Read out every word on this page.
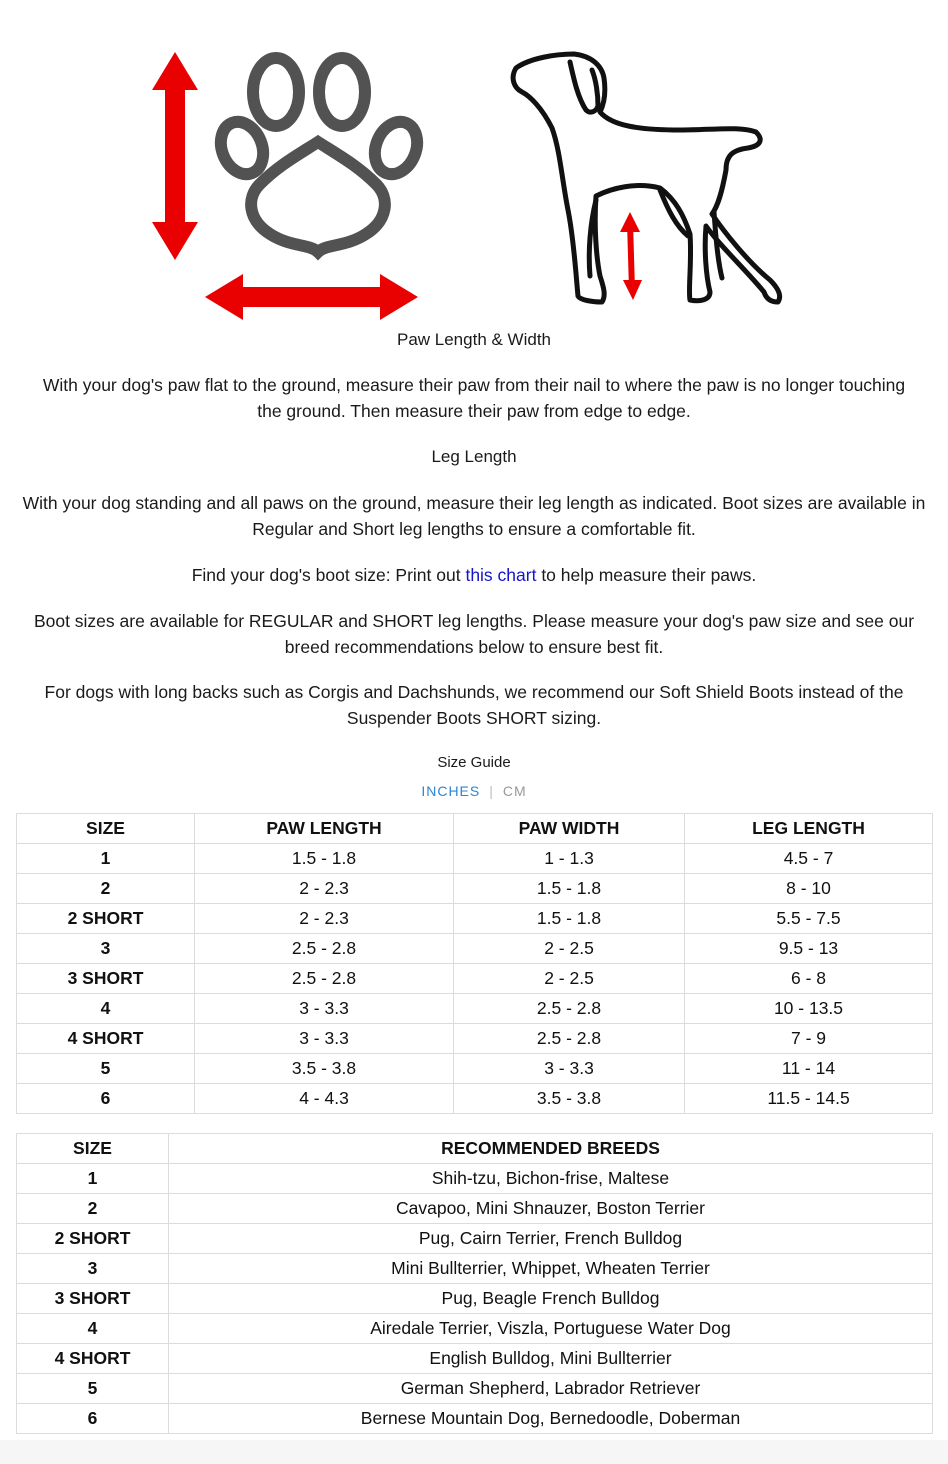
Paw Length & Width
With your dog's paw flat to the ground, measure their paw from their nail to where the paw is no longer touching the ground. Then measure their paw from edge to edge.
Leg Length
With your dog standing and all paws on the ground, measure their leg length as indicated. Boot sizes are available in Regular and Short leg lengths to ensure a comfortable fit.
Find your dog's boot size: Print out this chart to help measure their paws.
Boot sizes are available for REGULAR and SHORT leg lengths. Please measure your dog's paw size and see our breed recommendations below to ensure best fit.
For dogs with long backs such as Corgis and Dachshunds, we recommend our Soft Shield Boots instead of the Suspender Boots SHORT sizing.
Size Guide
INCHES | CM
SIZE	PAW LENGTH	PAW WIDTH	LEG LENGTH
1	1.5 - 1.8	1 - 1.3	4.5 - 7
2	2 - 2.3	1.5 - 1.8	8 - 10
2 SHORT	2 - 2.3	1.5 - 1.8	5.5 - 7.5
3	2.5 - 2.8	2 - 2.5	9.5 - 13
3 SHORT	2.5 - 2.8	2 - 2.5	6 - 8
4	3 - 3.3	2.5 - 2.8	10 - 13.5
4 SHORT	3 - 3.3	2.5 - 2.8	7 - 9
5	3.5 - 3.8	3 - 3.3	11 - 14
6	4 - 4.3	3.5 - 3.8	11.5 - 14.5
SIZE	RECOMMENDED BREEDS
1	Shih-tzu, Bichon-frise, Maltese
2	Cavapoo, Mini Shnauzer, Boston Terrier
2 SHORT	Pug, Cairn Terrier, French Bulldog
3	Mini Bullterrier, Whippet, Wheaten Terrier
3 SHORT	Pug, Beagle French Bulldog
4	Airedale Terrier, Viszla, Portuguese Water Dog
4 SHORT	English Bulldog, Mini Bullterrier
5	German Shepherd, Labrador Retriever
6	Bernese Mountain Dog, Bernedoodle, Doberman
